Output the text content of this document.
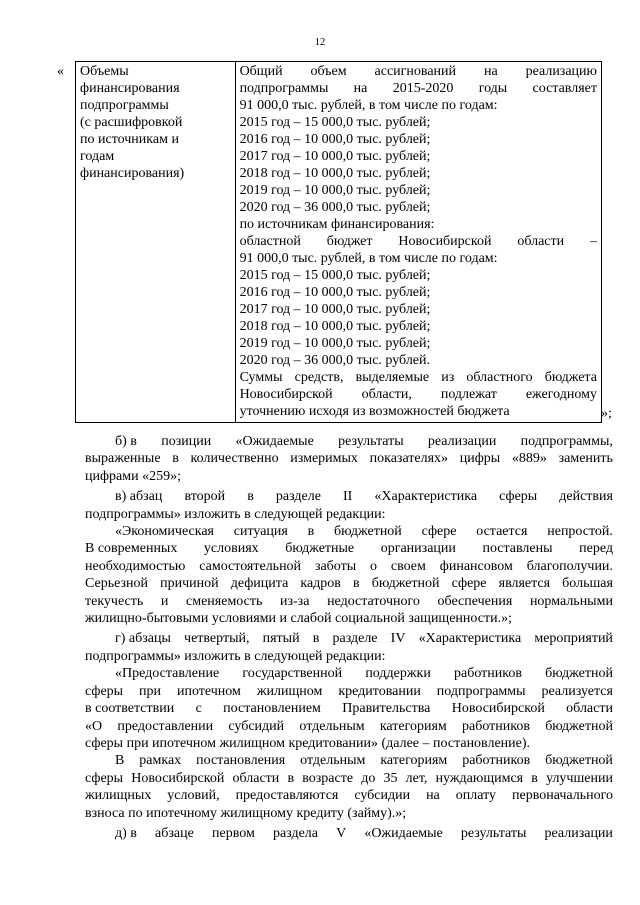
12
« Объемы
финансирования
подпрограммы
(с расшифровкой
по источникам и
годам
финансирования)

Общий объем ассигнований на реализацию
подпрограммы на 2015-2020 годы составляет
91 000,0 тыс. рублей, в том числе по годам:
2015 год – 15 000,0 тыс. рублей;
2016 год – 10 000,0 тыс. рублей;
2017 год – 10 000,0 тыс. рублей;
2018 год – 10 000,0 тыс. рублей;
2019 год – 10 000,0 тыс. рублей;
2020 год – 36 000,0 тыс. рублей;
по источникам финансирования:
областной бюджет Новосибирской области –
91 000,0 тыс. рублей, в том числе по годам:
2015 год – 15 000,0 тыс. рублей;
2016 год – 10 000,0 тыс. рублей;
2017 год – 10 000,0 тыс. рублей;
2018 год – 10 000,0 тыс. рублей;
2019 год – 10 000,0 тыс. рублей;
2020 год – 36 000,0 тыс. рублей.
Суммы средств, выделяемые из областного бюджета
Новосибирской области, подлежат ежегодному
уточнению исходя из возможностей бюджета	»;
б) в позиции «Ожидаемые результаты реализации подпрограммы,
выраженные в количественно измеримых показателях» цифры «889» заменить
цифрами «259»;
в) абзац второй в разделе II «Характеристика сферы действия
подпрограммы» изложить в следующей редакции:
«Экономическая ситуация в бюджетной сфере остается непростой.
В современных условиях бюджетные организации поставлены перед
необходимостью самостоятельной заботы о своем финансовом благополучии.
Серьезной причиной дефицита кадров в бюджетной сфере является большая
текучесть и сменяемость из-за недостаточного обеспечения нормальными
жилищно-бытовыми условиями и слабой социальной защищенности.»;
г) абзацы четвертый, пятый в разделе IV «Характеристика мероприятий
подпрограммы» изложить в следующей редакции:
«Предоставление государственной поддержки работников бюджетной
сферы при ипотечном жилищном кредитовании подпрограммы реализуется
в соответствии с постановлением Правительства Новосибирской области
«О предоставлении субсидий отдельным категориям работников бюджетной
сферы при ипотечном жилищном кредитовании» (далее – постановление).
В рамках постановления отдельным категориям работников бюджетной
сферы Новосибирской области в возрасте до 35 лет, нуждающимся в улучшении
жилищных условий, предоставляются субсидии на оплату первоначального
взноса по ипотечному жилищному кредиту (займу).»;
д) в абзаце первом раздела V «Ожидаемые результаты реализации
